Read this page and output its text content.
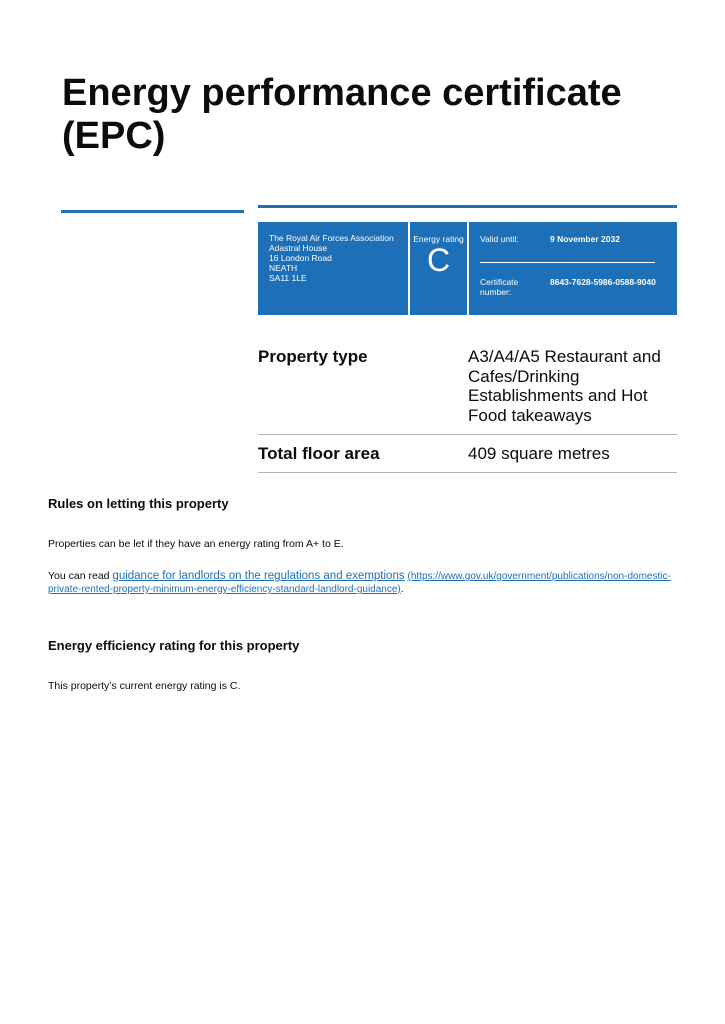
Energy performance certificate (EPC)
The Royal Air Forces Association
Adastral House
16 London Road
NEATH
SA11 1LE
Energy rating
C
Valid until:	9 November 2032
Certificate number:
8643-7628-5986-0588-9040
Property type	A3/A4/A5 Restaurant and Cafes/Drinking Establishments and Hot Food takeaways
Total floor area	409 square metres
Rules on letting this property

Properties can be let if they have an energy rating from A+ to E.

You can read guidance for landlords on the regulations and exemptions (https://www.gov.uk/government/publications/non-domestic-private-rented-property-minimum-energy-efficiency-standard-landlord-guidance).

Energy efficiency rating for this property

This property’s current energy rating is C.
